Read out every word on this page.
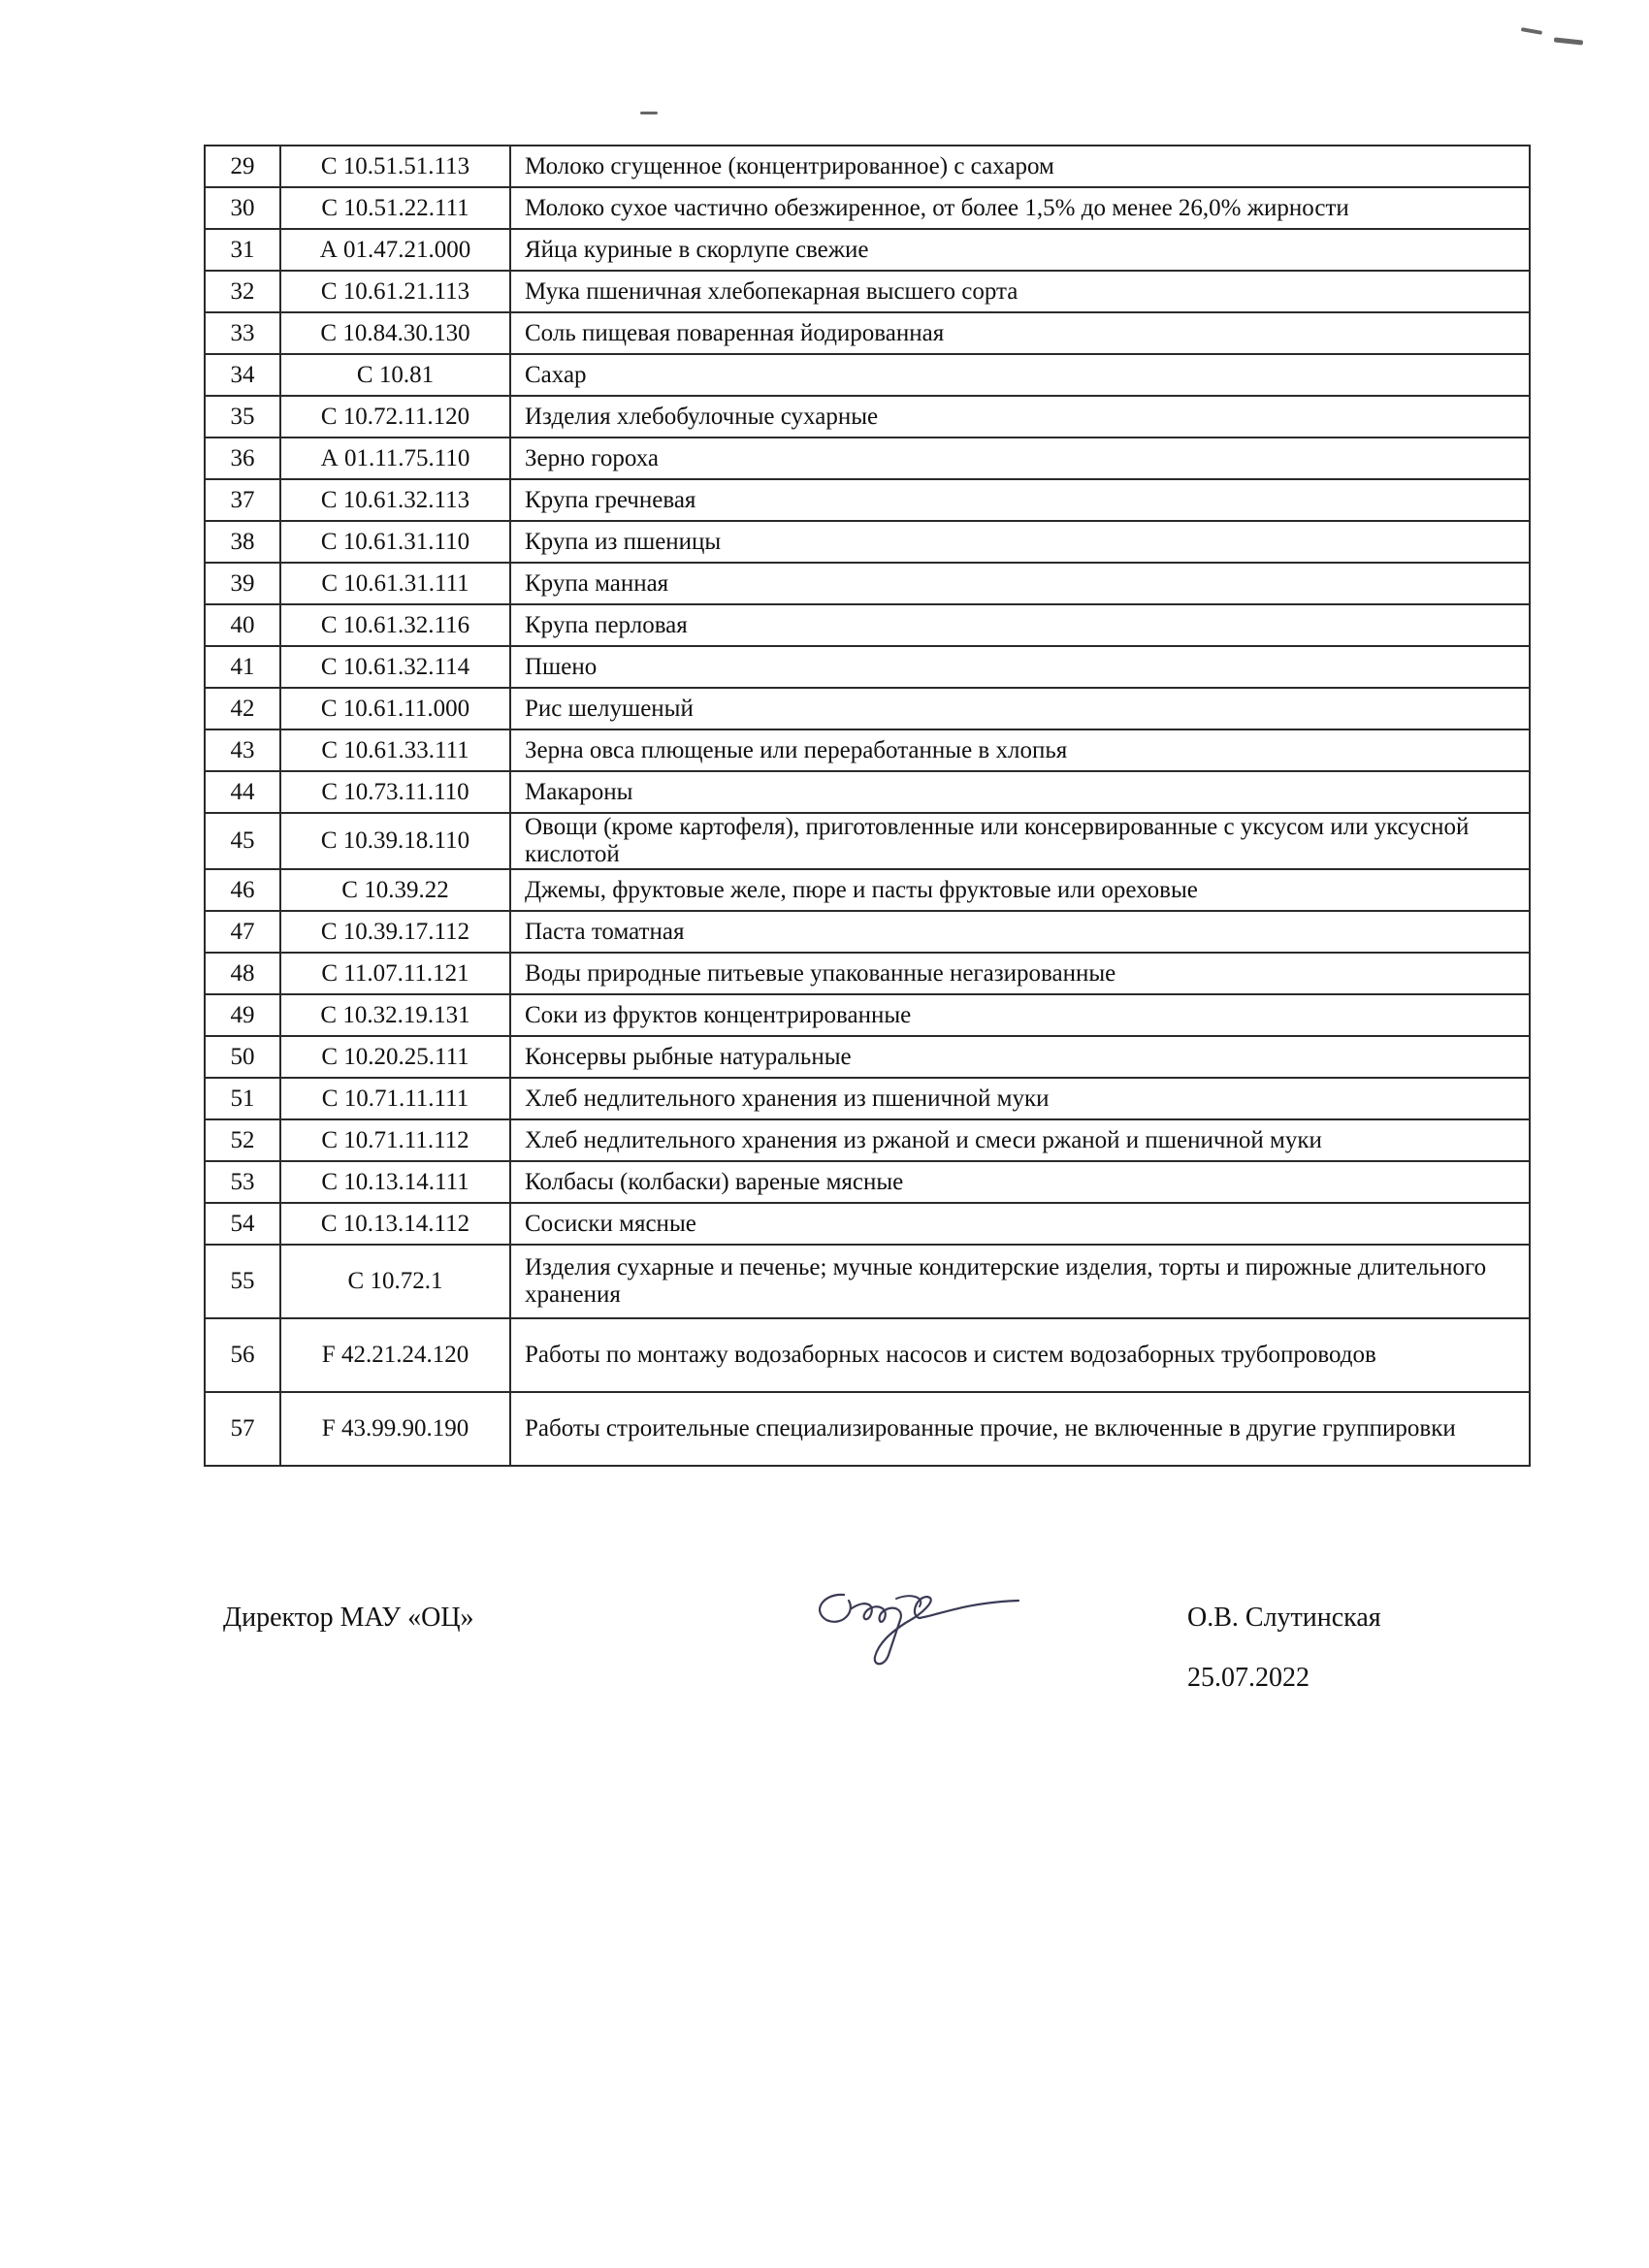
29	С 10.51.51.113	Молоко сгущенное (концентрированное) с сахаром
30	С 10.51.22.111	Молоко сухое частично обезжиренное, от более 1,5% до менее 26,0% жирности
31	А 01.47.21.000	Яйца куриные в скорлупе свежие
32	С 10.61.21.113	Мука пшеничная хлебопекарная высшего сорта
33	С 10.84.30.130	Соль пищевая поваренная йодированная
34	С 10.81	Сахар
35	С 10.72.11.120	Изделия хлебобулочные сухарные
36	А 01.11.75.110	Зерно гороха
37	С 10.61.32.113	Крупа гречневая
38	С 10.61.31.110	Крупа из пшеницы
39	С 10.61.31.111	Крупа манная
40	С 10.61.32.116	Крупа перловая
41	С 10.61.32.114	Пшено
42	С 10.61.11.000	Рис шелушеный
43	С 10.61.33.111	Зерна овса плющеные или переработанные в хлопья
44	С 10.73.11.110	Макароны
45	С 10.39.18.110	Овощи (кроме картофеля), приготовленные или консервированные с уксусом или уксусной кислотой
46	С 10.39.22	Джемы, фруктовые желе, пюре и пасты фруктовые или ореховые
47	С 10.39.17.112	Паста томатная
48	С 11.07.11.121	Воды природные питьевые упакованные негазированные
49	С 10.32.19.131	Соки из фруктов концентрированные
50	С 10.20.25.111	Консервы рыбные натуральные
51	С 10.71.11.111	Хлеб недлительного хранения из пшеничной муки
52	С 10.71.11.112	Хлеб недлительного хранения из ржаной и смеси ржаной и пшеничной муки
53	С 10.13.14.111	Колбасы (колбаски) вареные мясные
54	С 10.13.14.112	Сосиски мясные
55	С 10.72.1	Изделия сухарные и печенье; мучные кондитерские изделия, торты и пирожные длительного хранения
56	F 42.21.24.120	Работы по монтажу водозаборных насосов и систем водозаборных трубопроводов
57	F 43.99.90.190	Работы строительные специализированные прочие, не включенные в другие группировки
Директор МАУ «ОЦ»	О.В. Слутинская
25.07.2022
